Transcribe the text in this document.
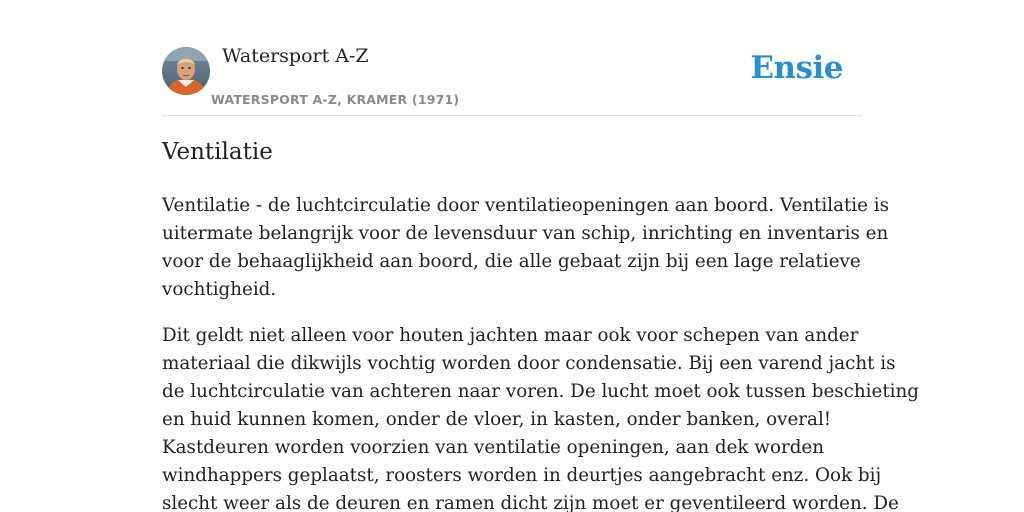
Watersport A-Z
WATERSPORT A-Z, KRAMER (1971)
Ensie
Ventilatie

Ventilatie - de luchtcirculatie door ventilatieopeningen aan boord. Ventilatie is
uitermate belangrijk voor de levensduur van schip, inrichting en inventaris en
voor de behaaglijkheid aan boord, die alle gebaat zijn bij een lage relatieve
vochtigheid.

Dit geldt niet alleen voor houten jachten maar ook voor schepen van ander
materiaal die dikwijls vochtig worden door condensatie. Bij een varend jacht is
de luchtcirculatie van achteren naar voren. De lucht moet ook tussen beschieting
en huid kunnen komen, onder de vloer, in kasten, onder banken, overal!
Kastdeuren worden voorzien van ventilatie openingen, aan dek worden
windhappers geplaatst, roosters worden in deurtjes aangebracht enz. Ook bij
slecht weer als de deuren en ramen dicht zijn moet er geventileerd worden. De
